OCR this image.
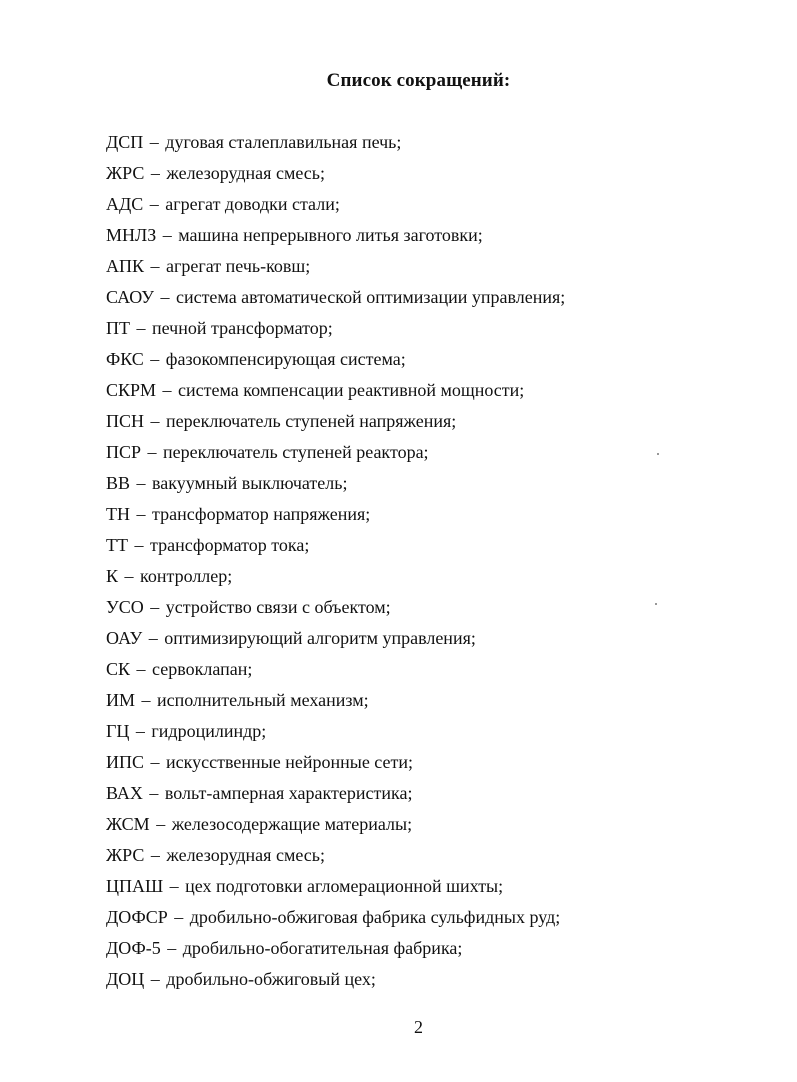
Список сокращений:
ДСП – дуговая сталеплавильная печь;
ЖРС – железорудная смесь;
АДС – агрегат доводки стали;
МНЛЗ – машина непрерывного литья заготовки;
АПК – агрегат печь-ковш;
САОУ – система автоматической оптимизации управления;
ПТ – печной трансформатор;
ФКС – фазокомпенсирующая система;
СКРМ – система компенсации реактивной мощности;
ПСН – переключатель ступеней напряжения;
ПСР – переключатель ступеней реактора;
ВВ – вакуумный выключатель;
ТН – трансформатор напряжения;
ТТ – трансформатор тока;
К – контроллер;
УСО – устройство связи с объектом;
ОАУ – оптимизирующий алгоритм управления;
СК – сервоклапан;
ИМ – исполнительный механизм;
ГЦ – гидроцилиндр;
ИПС – искусственные нейронные сети;
ВАХ – вольт-амперная характеристика;
ЖСМ – железосодержащие материалы;
ЖРС – железорудная смесь;
ЦПАШ – цех подготовки агломерационной шихты;
ДОФСР – дробильно-обжиговая фабрика сульфидных руд;
ДОФ-5 – дробильно-обогатительная фабрика;
ДОЦ – дробильно-обжиговый цех;
2
